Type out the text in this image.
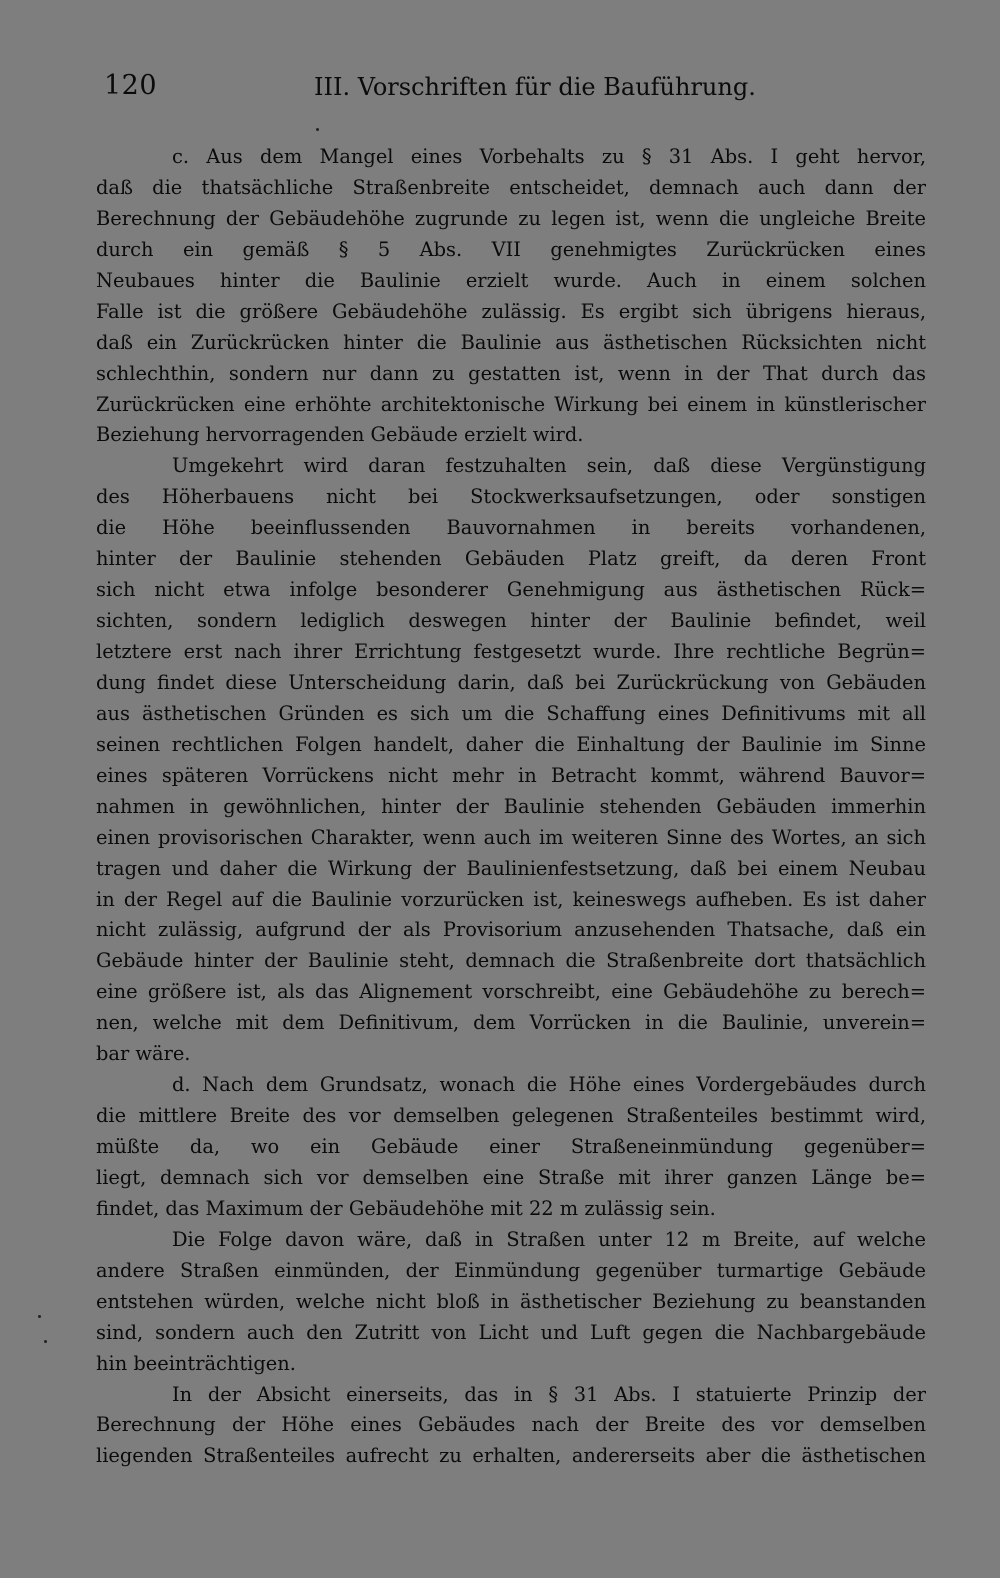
120	III. Vorschriften für die Bauführung.
c. Aus dem Mangel eines Vorbehalts zu § 31 Abs. I geht hervor,
daß die thatsächliche Straßenbreite entscheidet, demnach auch dann der
Berechnung der Gebäudehöhe zugrunde zu legen ist, wenn die ungleiche Breite
durch ein gemäß § 5 Abs. VII genehmigtes Zurückrücken eines
Neubaues hinter die Baulinie erzielt wurde. Auch in einem solchen
Falle ist die größere Gebäudehöhe zulässig. Es ergibt sich übrigens hieraus,
daß ein Zurückrücken hinter die Baulinie aus ästhetischen Rücksichten nicht
schlechthin, sondern nur dann zu gestatten ist, wenn in der That durch das
Zurückrücken eine erhöhte architektonische Wirkung bei einem in künstlerischer
Beziehung hervorragenden Gebäude erzielt wird.
Umgekehrt wird daran festzuhalten sein, daß diese Vergünstigung
des Höherbauens nicht bei Stockwerksaufsetzungen, oder sonstigen
die Höhe beeinflussenden Bauvornahmen in bereits vorhandenen,
hinter der Baulinie stehenden Gebäuden Platz greift, da deren Front
sich nicht etwa infolge besonderer Genehmigung aus ästhetischen Rück=
sichten, sondern lediglich deswegen hinter der Baulinie befindet, weil
letztere erst nach ihrer Errichtung festgesetzt wurde. Ihre rechtliche Begrün=
dung findet diese Unterscheidung darin, daß bei Zurückrückung von Gebäuden
aus ästhetischen Gründen es sich um die Schaffung eines Definitivums mit all
seinen rechtlichen Folgen handelt, daher die Einhaltung der Baulinie im Sinne
eines späteren Vorrückens nicht mehr in Betracht kommt, während Bauvor=
nahmen in gewöhnlichen, hinter der Baulinie stehenden Gebäuden immerhin
einen provisorischen Charakter, wenn auch im weiteren Sinne des Wortes, an sich
tragen und daher die Wirkung der Baulinienfestsetzung, daß bei einem Neubau
in der Regel auf die Baulinie vorzurücken ist, keineswegs aufheben. Es ist daher
nicht zulässig, aufgrund der als Provisorium anzusehenden Thatsache, daß ein
Gebäude hinter der Baulinie steht, demnach die Straßenbreite dort thatsächlich
eine größere ist, als das Alignement vorschreibt, eine Gebäudehöhe zu berech=
nen, welche mit dem Definitivum, dem Vorrücken in die Baulinie, unverein=
bar wäre.
d. Nach dem Grundsatz, wonach die Höhe eines Vordergebäudes durch
die mittlere Breite des vor demselben gelegenen Straßenteiles bestimmt wird,
müßte da, wo ein Gebäude einer Straßeneinmündung gegenüber=
liegt, demnach sich vor demselben eine Straße mit ihrer ganzen Länge be=
findet, das Maximum der Gebäudehöhe mit 22 m zulässig sein.
Die Folge davon wäre, daß in Straßen unter 12 m Breite, auf welche
andere Straßen einmünden, der Einmündung gegenüber turmartige Gebäude
entstehen würden, welche nicht bloß in ästhetischer Beziehung zu beanstanden
sind, sondern auch den Zutritt von Licht und Luft gegen die Nachbargebäude
hin beeinträchtigen.
In der Absicht einerseits, das in § 31 Abs. I statuierte Prinzip der
Berechnung der Höhe eines Gebäudes nach der Breite des vor demselben
liegenden Straßenteiles aufrecht zu erhalten, andererseits aber die ästhetischen
